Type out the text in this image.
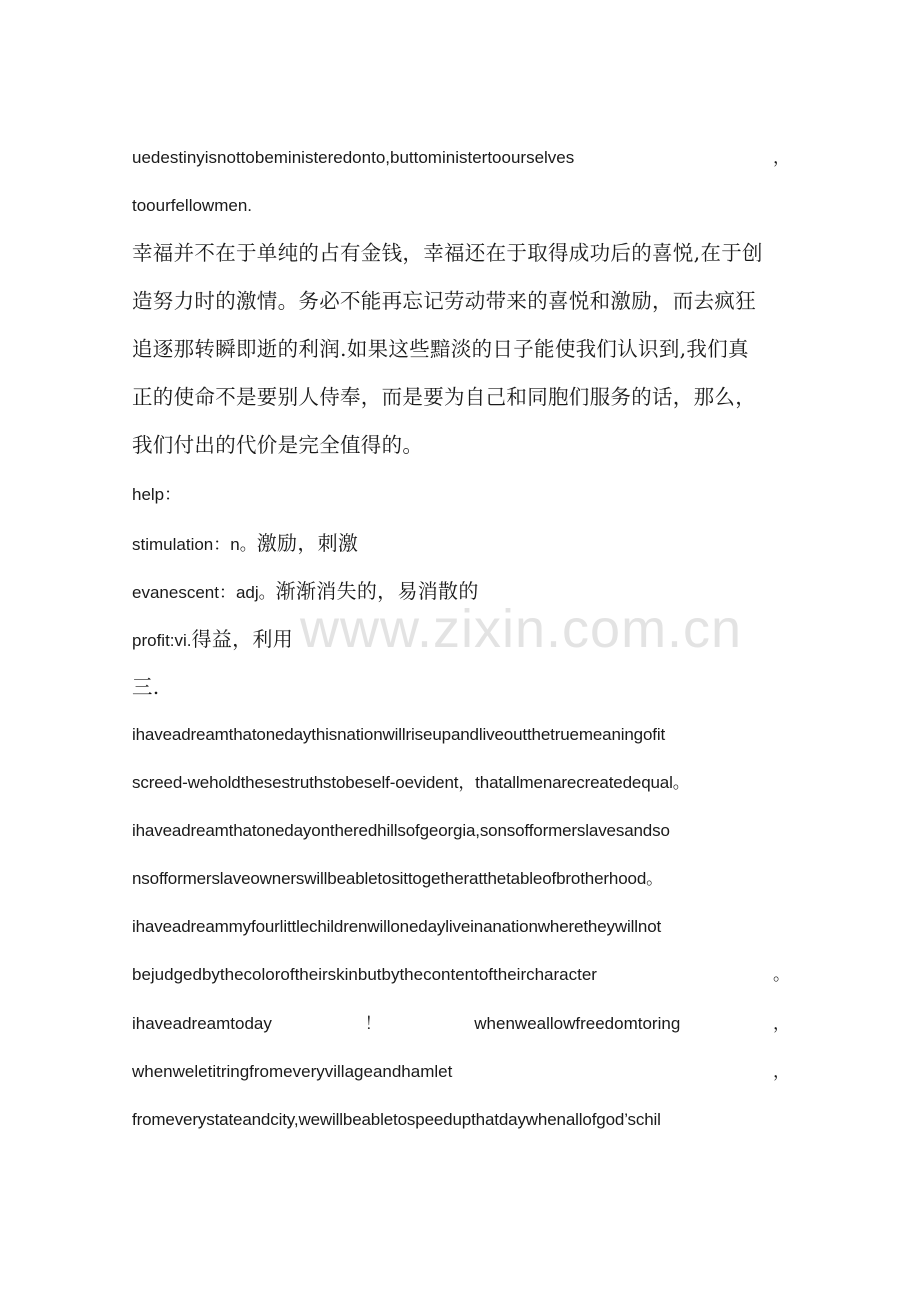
www.zixin.com.cn
uedestinyisnottobeministeredonto,buttoministertoourselves	，
toourfellowmen.
幸福并不在于单纯的占有金钱，幸福还在于取得成功后的喜悦,在于创
造努力时的激情。务必不能再忘记劳动带来的喜悦和激励，而去疯狂
追逐那转瞬即逝的利润.如果这些黯淡的日子能使我们认识到,我们真
正的使命不是要别人侍奉，而是要为自己和同胞们服务的话，那么，
我们付出的代价是完全值得的。
help：
stimulation：n。激励，刺激
evanescent：adj。渐渐消失的，易消散的
profit:vi.得益，利用
三.
ihaveadreamthatonedaythisnationwillriseupandliveoutthetruemeaningofit
screed-weholdthesestruthstobeself-oevident，thatallmenarecreatedequal。
ihaveadreamthatonedayontheredhillsofgeorgia,sonsofformerslavesandso
nsofformerslaveownerswillbeabletosittogetheratthetableofbrotherhood。
ihaveadreammyfourlittlechildrenwillonedayliveinanationwheretheywillnot
bejudgedbythecoloroftheirskinbutbythecontentoftheircharacter	。
ihaveadreamtoday	！	whenweallowfreedomtoring	，
whenweletitringfromeveryvillageandhamlet	，
fromeverystateandcity,wewillbeabletospeedupthatdaywhenallofgod’schil
